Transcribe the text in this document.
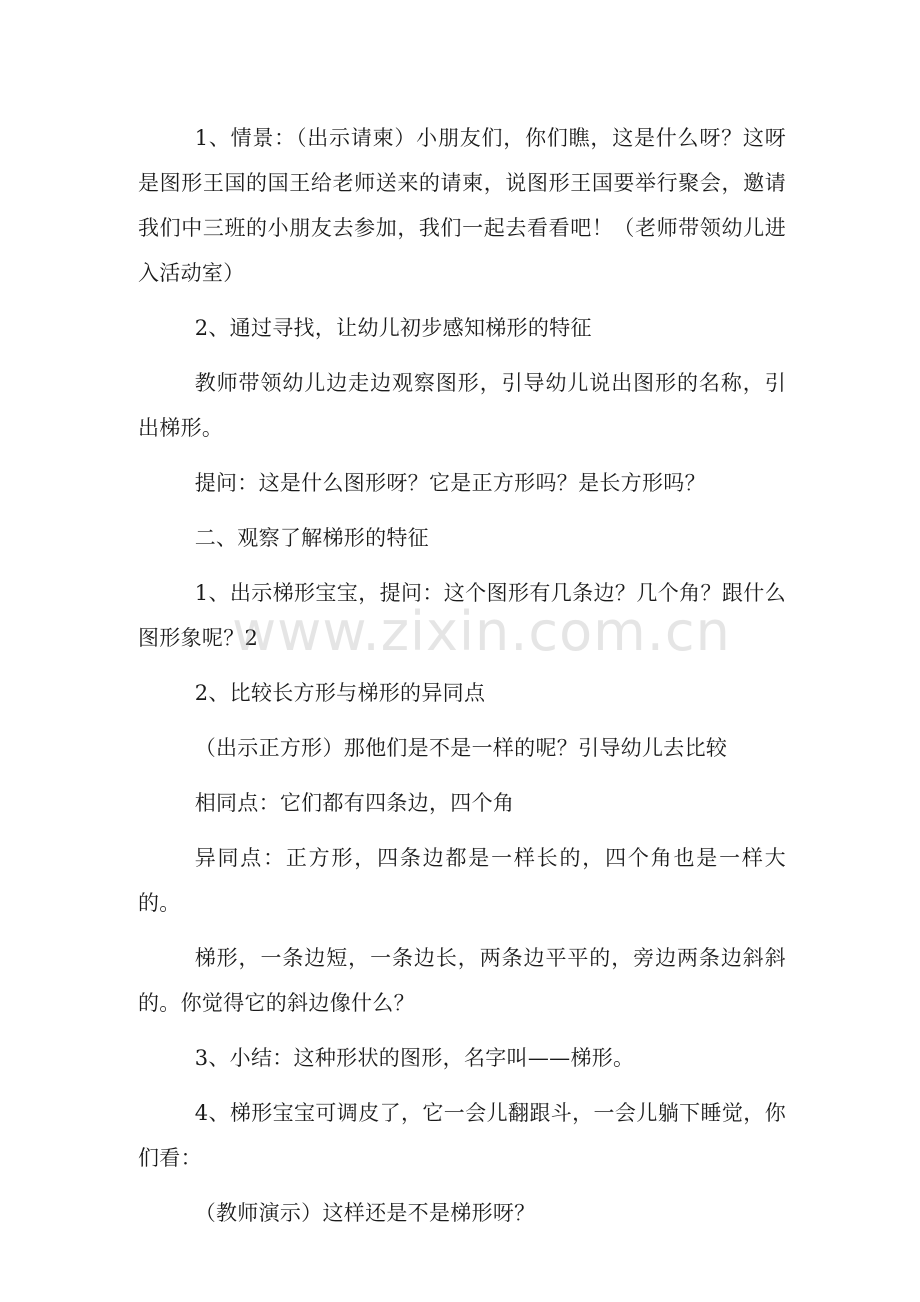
1、情景：（出示请柬）小朋友们，你们瞧，这是什么呀？这呀是图形王国的国王给老师送来的请柬，说图形王国要举行聚会，邀请我们中三班的小朋友去参加，我们一起去看看吧！（老师带领幼儿进入活动室）

2、通过寻找，让幼儿初步感知梯形的特征

教师带领幼儿边走边观察图形，引导幼儿说出图形的名称，引出梯形。

提问：这是什么图形呀？它是正方形吗？是长方形吗？

二、观察了解梯形的特征

1、出示梯形宝宝，提问：这个图形有几条边？几个角？跟什么图形象呢？2

2、比较长方形与梯形的异同点

（出示正方形）那他们是不是一样的呢？引导幼儿去比较

相同点：它们都有四条边，四个角

异同点：正方形，四条边都是一样长的，四个角也是一样大的。

梯形，一条边短，一条边长，两条边平平的，旁边两条边斜斜的。你觉得它的斜边像什么？

3、小结：这种形状的图形，名字叫——梯形。

4、梯形宝宝可调皮了，它一会儿翻跟斗，一会儿躺下睡觉，你们看：

（教师演示）这样还是不是梯形呀？

www.zixin.com.cn
